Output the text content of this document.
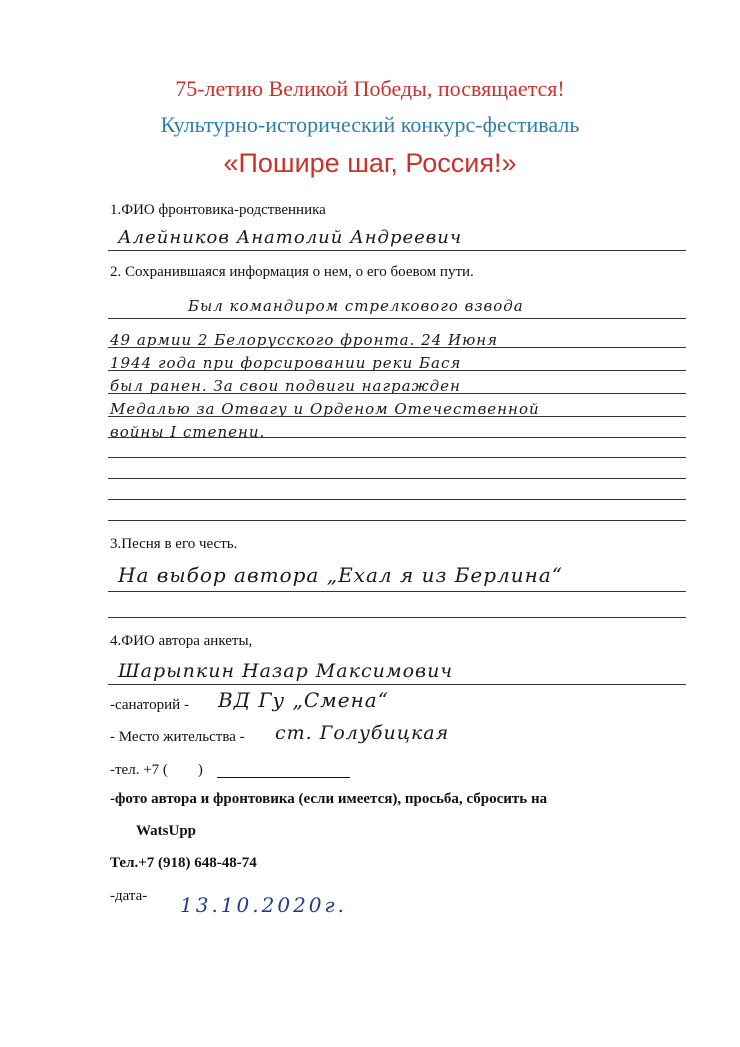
75-летию Великой Победы, посвящается!
Культурно-исторический конкурс-фестиваль
«Пошире шаг, Россия!»
1.ФИО фронтовика-родственника
Алейников Анатолий Андреевич
2. Сохранившаяся информация о нем, о его боевом пути.
Был командиром стрелкового взвода
49 армии 2 Белорусского фронта. 24 Июня
1944 года при форсировании реки Бася
был ранен. За свои подвиги награжден
Медалью за Отвагу и Орденом Отечественной
войны I степени.
3.Песня в его честь.
На выбор автора „Ехал я из Берлина“
4.ФИО автора анкеты,
Шарыпкин Назар Максимович
-санаторий - ВД Гу „Смена“
- Место жительства - ст. Голубицкая
-тел. +7 (        )
-фото автора и фронтовика (если имеется), просьба, сбросить на
WatsUpp
Тел.+7 (918) 648-48-74
-дата- 13.10.2020г.
